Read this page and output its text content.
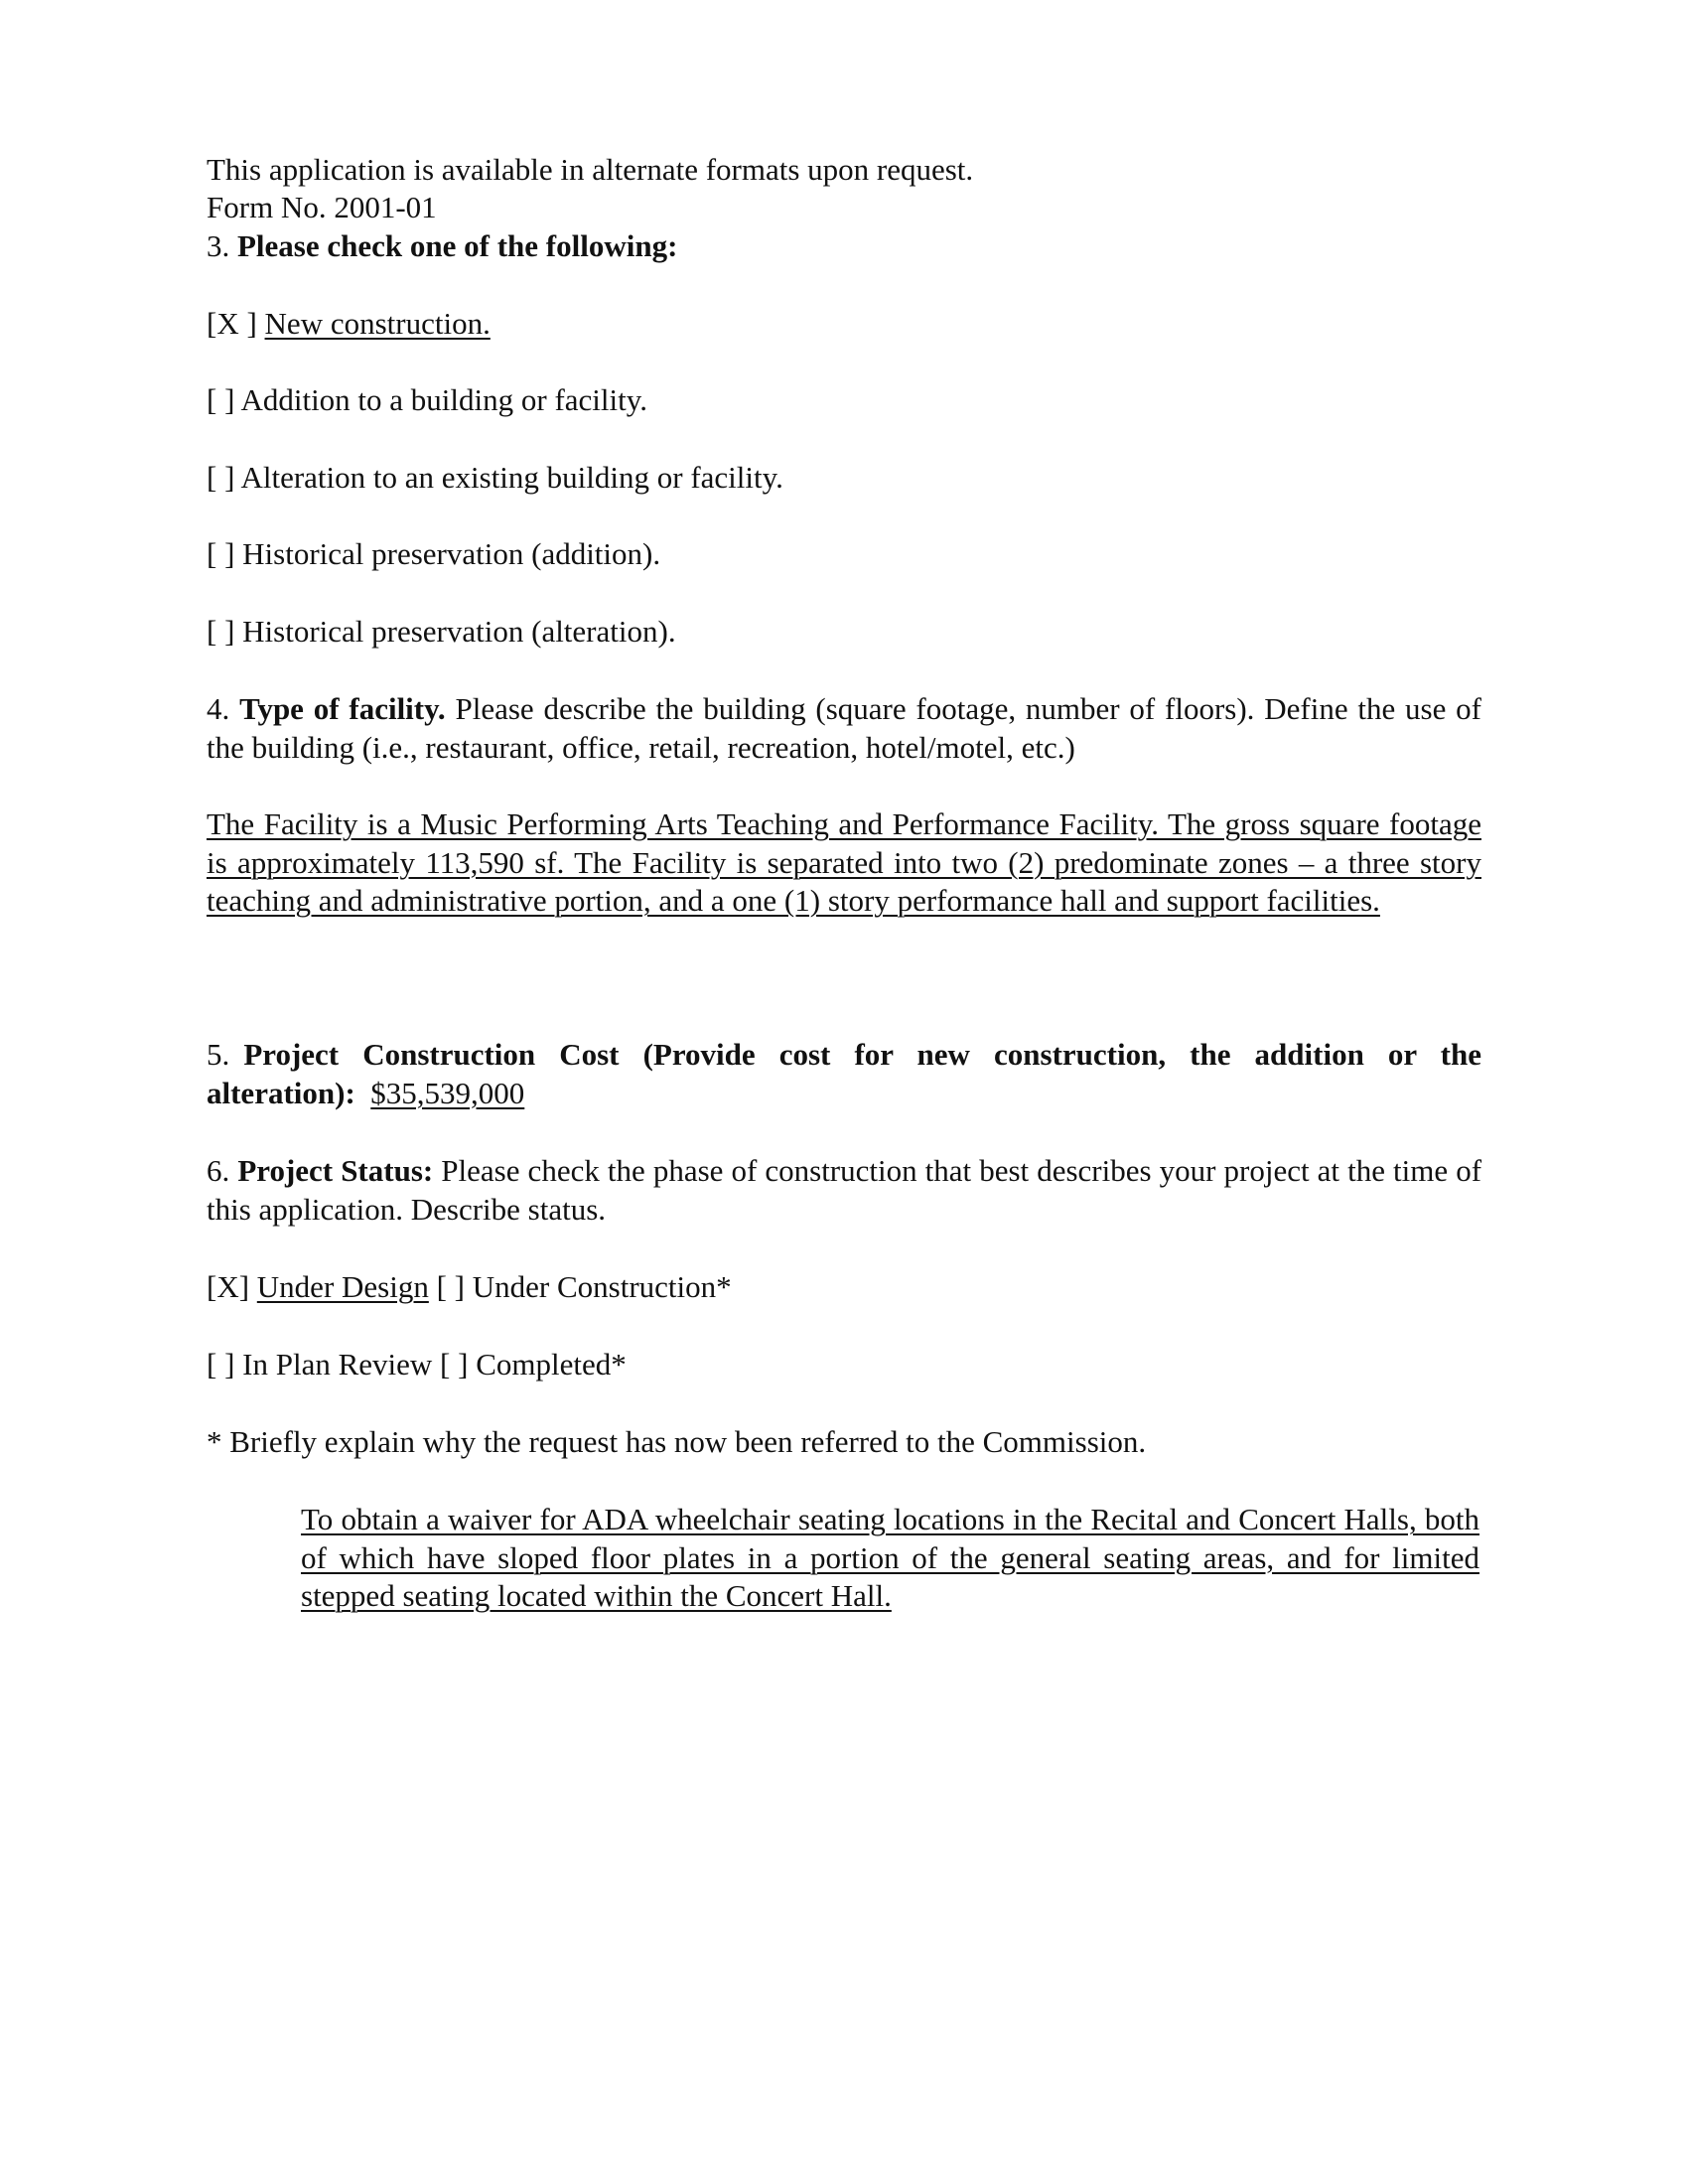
This application is available in alternate formats upon request.
Form No. 2001-01
3. Please check one of the following:
[X ] New construction.
[ ] Addition to a building or facility.
[ ] Alteration to an existing building or facility.
[ ] Historical preservation (addition).
[ ] Historical preservation (alteration).
4. Type of facility. Please describe the building (square footage, number of floors). Define the use of the building (i.e., restaurant, office, retail, recreation, hotel/motel, etc.)
The Facility is a Music Performing Arts Teaching and Performance Facility. The gross square footage is approximately 113,590 sf. The Facility is separated into two (2) predominate zones – a three story teaching and administrative portion, and a one (1) story performance hall and support facilities.
5. Project Construction Cost (Provide cost for new construction, the addition or the alteration): $35,539,000
6. Project Status: Please check the phase of construction that best describes your project at the time of this application. Describe status.
[X] Under Design [ ] Under Construction*
[ ] In Plan Review [ ] Completed*
* Briefly explain why the request has now been referred to the Commission.
To obtain a waiver for ADA wheelchair seating locations in the Recital and Concert Halls, both of which have sloped floor plates in a portion of the general seating areas, and for limited stepped seating located within the Concert Hall.
